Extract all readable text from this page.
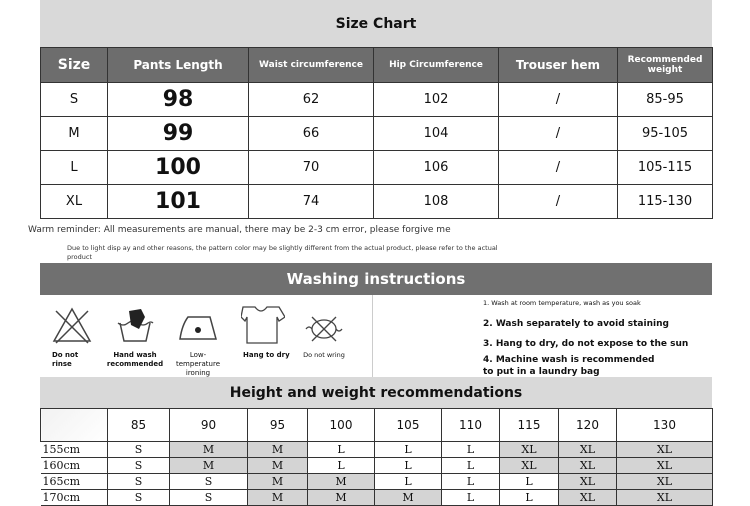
Size Chart
Size	Pants Length	Waist circumference	Hip Circumference	Trouser hem	Recommended weight
S	98	62	102	/	85-95
M	99	66	104	/	95-105
L	100	70	106	/	105-115
XL	101	74	108	/	115-130
Warm reminder: All measurements are manual, there may be 2-3 cm error, please forgive me
Due to light disp ay and other reasons, the pattern color may be slightly different from the actual product, please refer to the actual product
Washing instructions
Do not rinse
Hand wash recommended
Low-temperature ironing
Hang to dry	Do not wring
1. Wash at room temperature, wash as you soak
2. Wash separately to avoid staining
3. Hang to dry, do not expose to the sun
4. Machine wash is recommended to put in a laundry bag
Height and weight recommendations
	85	90	95	100	105	110	115	120	130
155cm	S	M	M	L	L	L	XL	XL	XL
160cm	S	M	M	L	L	L	XL	XL	XL
165cm	S	S	M	M	L	L	L	XL	XL
170cm	S	S	M	M	M	L	L	XL	XL
